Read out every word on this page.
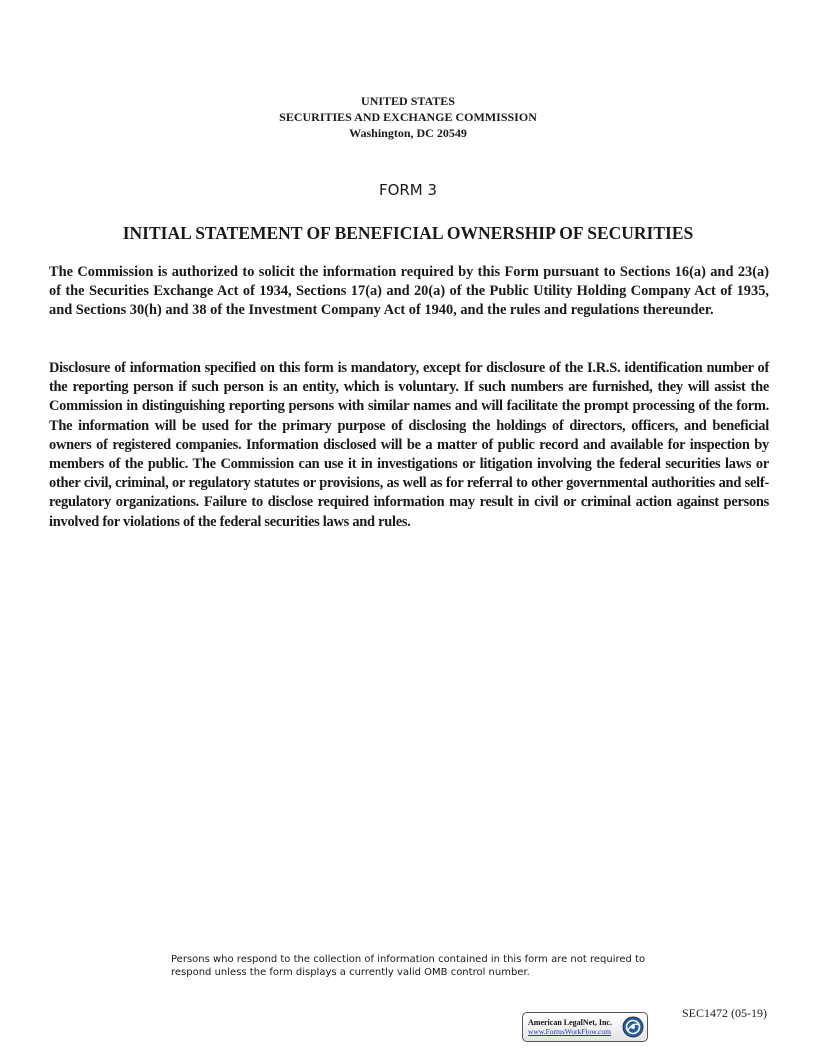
UNITED STATES
SECURITIES AND EXCHANGE COMMISSION
Washington, DC 20549
FORM 3
INITIAL STATEMENT OF BENEFICIAL OWNERSHIP OF SECURITIES

The Commission is authorized to solicit the information required by this Form pursuant to Sections 16(a) and 23(a) of the Securities Exchange Act of 1934, Sections 17(a) and 20(a) of the Public Utility Holding Company Act of 1935, and Sections 30(h) and 38 of the Investment Company Act of 1940, and the rules and regulations thereunder.

Disclosure of information specified on this form is mandatory, except for disclosure of the I.R.S. identification number of the reporting person if such person is an entity, which is voluntary. If such numbers are furnished, they will assist the Commission in distinguishing reporting persons with similar names and will facilitate the prompt processing of the form. The information will be used for the primary purpose of disclosing the holdings of directors, officers, and beneficial owners of registered companies. Information disclosed will be a matter of public record and available for inspection by members of the public. The Commission can use it in investigations or litigation involving the federal securities laws or other civil, criminal, or regulatory statutes or provisions, as well as for referral to other governmental authorities and self-regulatory organizations. Failure to disclose required information may result in civil or criminal action against persons involved for violations of the federal securities laws and rules.

Persons who respond to the collection of information contained in this form are not required to respond unless the form displays a currently valid OMB control number.

SEC1472 (05-19)
American LegalNet, Inc.
www.FormsWorkFlow.com
